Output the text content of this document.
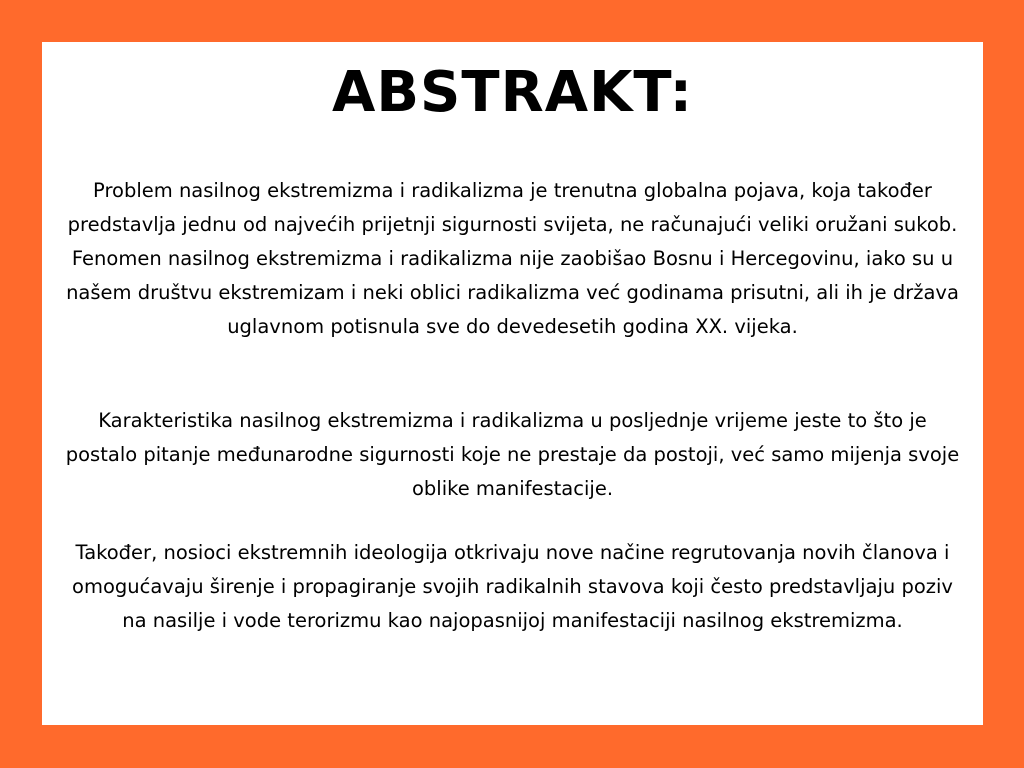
ABSTRAKT:

Problem nasilnog ekstremizma i radikalizma je trenutna globalna pojava, koja također predstavlja jednu od najvećih prijetnji sigurnosti svijeta, ne računajući veliki oružani sukob. Fenomen nasilnog ekstremizma i radikalizma nije zaobišao Bosnu i Hercegovinu, iako su u našem društvu ekstremizam i neki oblici radikalizma već godinama prisutni, ali ih je država uglavnom potisnula sve do devedesetih godina XX. vijeka.

Karakteristika nasilnog ekstremizma i radikalizma u posljednje vrijeme jeste to što je postalo pitanje međunarodne sigurnosti koje ne prestaje da postoji, već samo mijenja svoje oblike manifestacije.

Također, nosioci ekstremnih ideologija otkrivaju nove načine regrutovanja novih članova i omogućavaju širenje i propagiranje svojih radikalnih stavova koji često predstavljaju poziv na nasilje i vode terorizmu kao najopasnijoj manifestaciji nasilnog ekstremizma.
